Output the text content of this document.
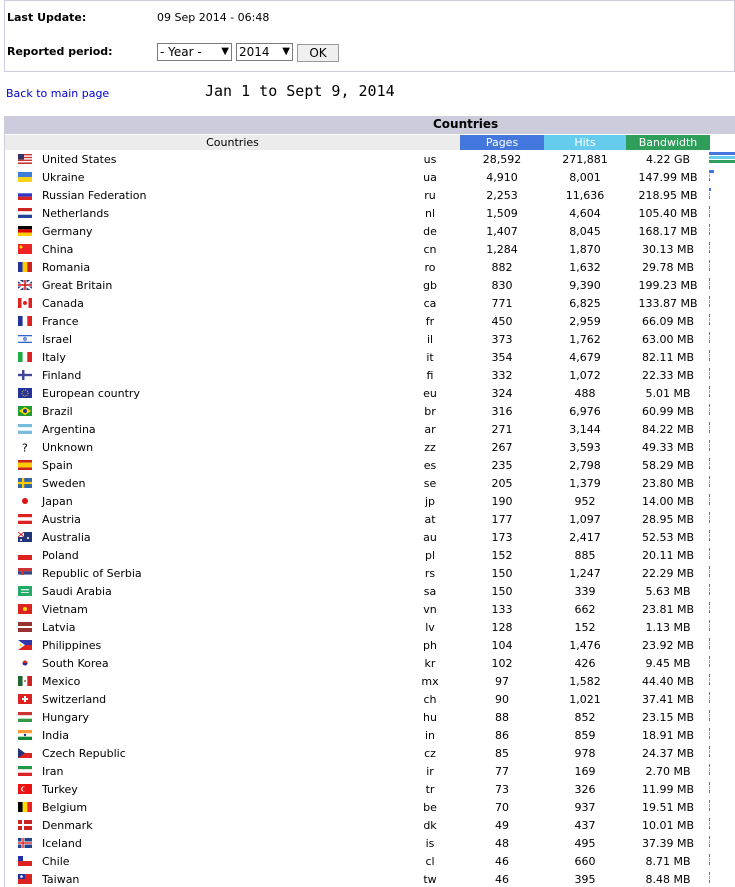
Last Update:	09 Sep 2014 - 06:48
Reported period:	- Year - ▼ 2014 ▼	OK
Back to main page	Jan 1 to Sept 9, 2014
Countries
Countries	Pages	Hits	Bandwidth
United States	us	28,592	271,881	4.22 GB
Ukraine	ua	4,910	8,001	147.99 MB
Russian Federation	ru	2,253	11,636	218.95 MB
Netherlands	nl	1,509	4,604	105.40 MB
Germany	de	1,407	8,045	168.17 MB
China	cn	1,284	1,870	30.13 MB
Romania	ro	882	1,632	29.78 MB
Great Britain	gb	830	9,390	199.23 MB
Canada	ca	771	6,825	133.87 MB
France	fr	450	2,959	66.09 MB
Israel	il	373	1,762	63.00 MB
Italy	it	354	4,679	82.11 MB
Finland	fi	332	1,072	22.33 MB
European country	eu	324	488	5.01 MB
Brazil	br	316	6,976	60.99 MB
Argentina	ar	271	3,144	84.22 MB
? Unknown	zz	267	3,593	49.33 MB
Spain	es	235	2,798	58.29 MB
Sweden	se	205	1,379	23.80 MB
Japan	jp	190	952	14.00 MB
Austria	at	177	1,097	28.95 MB
Australia	au	173	2,417	52.53 MB
Poland	pl	152	885	20.11 MB
Republic of Serbia	rs	150	1,247	22.29 MB
Saudi Arabia	sa	150	339	5.63 MB
Vietnam	vn	133	662	23.81 MB
Latvia	lv	128	152	1.13 MB
Philippines	ph	104	1,476	23.92 MB
South Korea	kr	102	426	9.45 MB
Mexico	mx	97	1,582	44.40 MB
Switzerland	ch	90	1,021	37.41 MB
Hungary	hu	88	852	23.15 MB
India	in	86	859	18.91 MB
Czech Republic	cz	85	978	24.37 MB
Iran	ir	77	169	2.70 MB
Turkey	tr	73	326	11.99 MB
Belgium	be	70	937	19.51 MB
Denmark	dk	49	437	10.01 MB
Iceland	is	48	495	37.39 MB
Chile	cl	46	660	8.71 MB
Taiwan	tw	46	395	8.48 MB
